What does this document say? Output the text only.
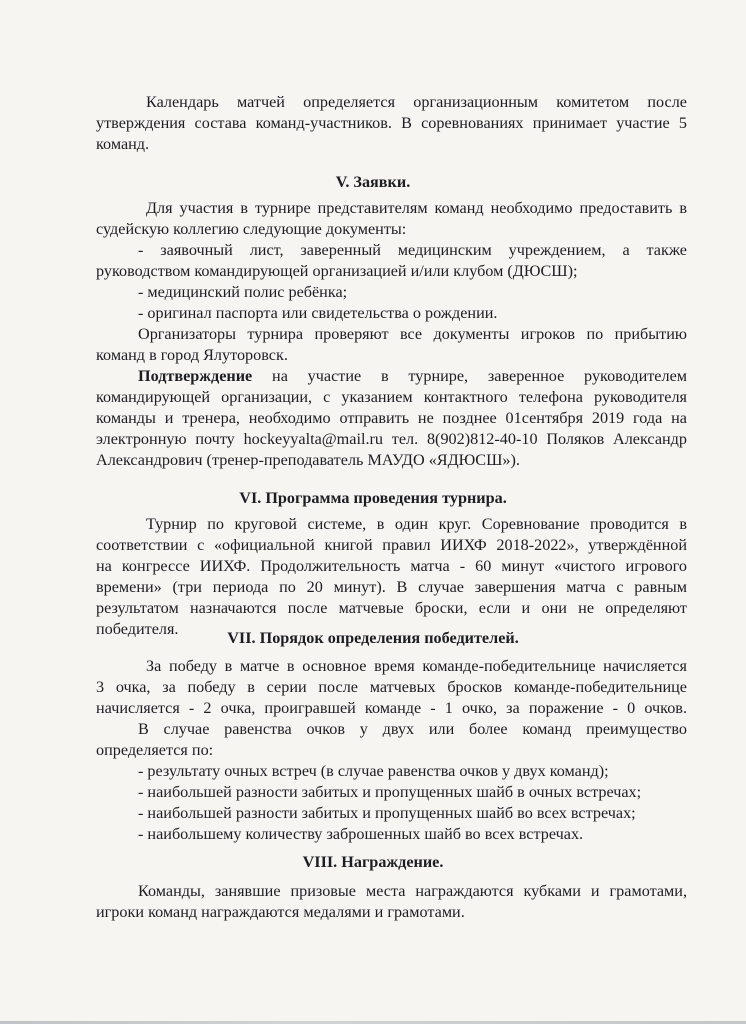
Календарь матчей определяется организационным комитетом после
утверждения состава команд-участников. В соревнованиях принимает участие 5
команд.
V. Заявки.
Для участия в турнире представителям команд необходимо предоставить в
судейскую коллегию следующие документы:
- заявочный лист, заверенный медицинским учреждением, а также
руководством командирующей организацией и/или клубом (ДЮСШ);
- медицинский полис ребёнка;
- оригинал паспорта или свидетельства о рождении.
Организаторы турнира проверяют все документы игроков по прибытию
команд в город Ялуторовск.
Подтверждение на участие в турнире, заверенное руководителем
командирующей организации, с указанием контактного телефона руководителя
команды и тренера, необходимо отправить не позднее 01сентября 2019 года на
электронную почту hockeyyalta@mail.ru тел. 8(902)812-40-10 Поляков Александр
Александрович (тренер-преподаватель МАУДО «ЯДЮСШ»).
VI. Программа проведения турнира.
Турнир по круговой системе, в один круг. Соревнование проводится в
соответствии с «официальной книгой правил ИИХФ 2018-2022», утверждённой
на конгрессе ИИХФ. Продолжительность матча - 60 минут «чистого игрового
времени» (три периода по 20 минут). В случае завершения матча с равным
результатом назначаются после матчевые броски, если и они не определяют
победителя.	VII. Порядок определения победителей.
За победу в матче в основное время команде-победительнице начисляется
3 очка, за победу в серии после матчевых бросков команде-победительнице
начисляется - 2 очка, проигравшей команде - 1 очко, за поражение - 0 очков.
В случае равенства очков у двух или более команд преимущество
определяется по:
- результату очных встреч (в случае равенства очков у двух команд);
- наибольшей разности забитых и пропущенных шайб в очных встречах;
- наибольшей разности забитых и пропущенных шайб во всех встречах;
- наибольшему количеству заброшенных шайб во всех встречах.
VIII. Награждение.
Команды, занявшие призовые места награждаются кубками и грамотами,
игроки команд награждаются медалями и грамотами.
